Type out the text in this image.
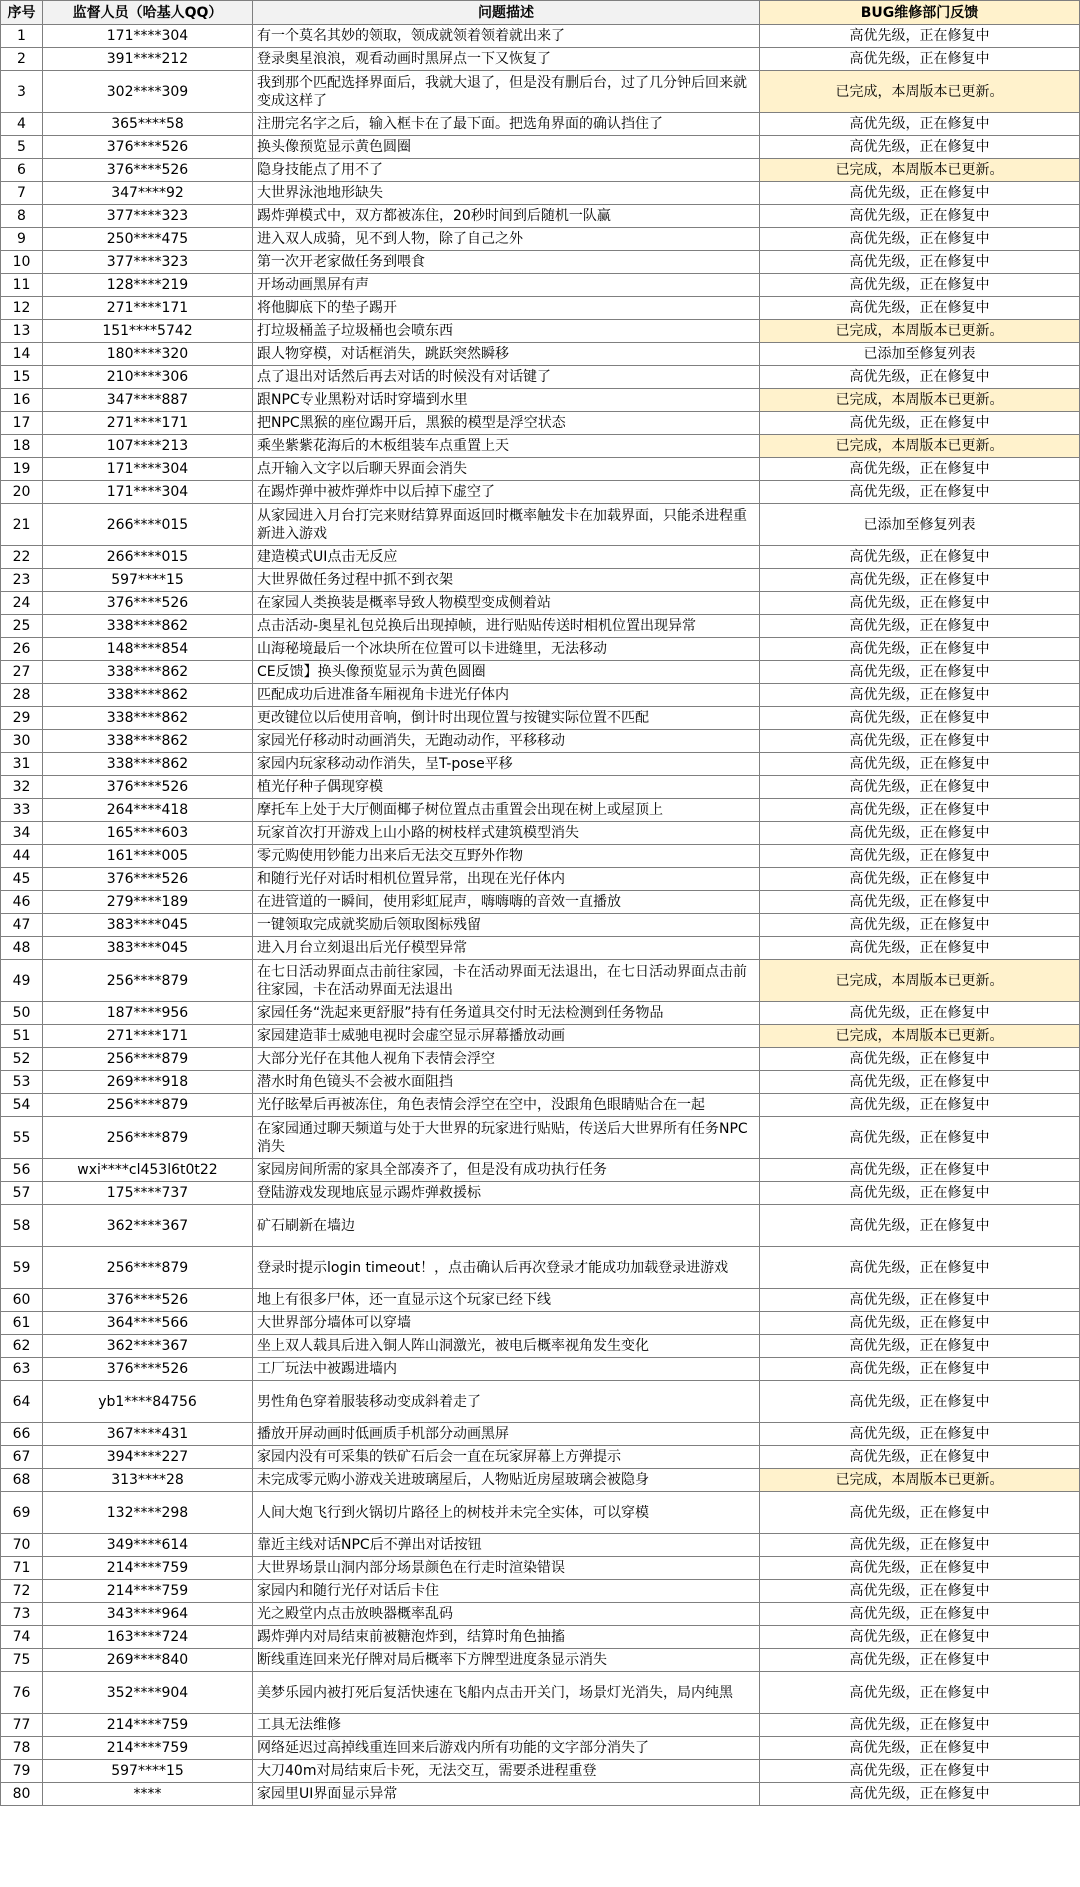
序号	监督人员（哈基人QQ）	问题描述	BUG维修部门反馈
1	171****304	有一个莫名其妙的领取，领成就领着领着就出来了	高优先级，正在修复中
2	391****212	登录奥星浪浪，观看动画时黑屏点一下又恢复了	高优先级，正在修复中
3	302****309	我到那个匹配选择界面后，我就大退了，但是没有删后台，过了几分钟后回来就变成这样了	已完成，本周版本已更新。
4	365****58	注册完名字之后，输入框卡在了最下面。把选角界面的确认挡住了	高优先级，正在修复中
5	376****526	换头像预览显示黄色圆圈	高优先级，正在修复中
6	376****526	隐身技能点了用不了	已完成，本周版本已更新。
7	347****92	大世界泳池地形缺失	高优先级，正在修复中
8	377****323	踢炸弹模式中，双方都被冻住，20秒时间到后随机一队赢	高优先级，正在修复中
9	250****475	进入双人成骑，见不到人物，除了自己之外	高优先级，正在修复中
10	377****323	第一次开老家做任务到喂食	高优先级，正在修复中
11	128****219	开场动画黑屏有声	高优先级，正在修复中
12	271****171	将他脚底下的垫子踢开	高优先级，正在修复中
13	151****5742	打垃圾桶盖子垃圾桶也会喷东西	已完成，本周版本已更新。
14	180****320	跟人物穿模，对话框消失，跳跃突然瞬移	已添加至修复列表
15	210****306	点了退出对话然后再去对话的时候没有对话键了	高优先级，正在修复中
16	347****887	跟NPC专业黑粉对话时穿墙到水里	已完成，本周版本已更新。
17	271****171	把NPC黑猴的座位踢开后，黑猴的模型是浮空状态	高优先级，正在修复中
18	107****213	乘坐紫紫花海后的木板组装车点重置上天	已完成，本周版本已更新。
19	171****304	点开输入文字以后聊天界面会消失	高优先级，正在修复中
20	171****304	在踢炸弹中被炸弹炸中以后掉下虚空了	高优先级，正在修复中
21	266****015	从家园进入月台打完来财结算界面返回时概率触发卡在加载界面，只能杀进程重新进入游戏	已添加至修复列表
22	266****015	建造模式UI点击无反应	高优先级，正在修复中
23	597****15	大世界做任务过程中抓不到衣架	高优先级，正在修复中
24	376****526	在家园人类换装是概率导致人物模型变成侧着站	高优先级，正在修复中
25	338****862	点击活动-奥星礼包兑换后出现掉帧，进行贴贴传送时相机位置出现异常	高优先级，正在修复中
26	148****854	山海秘境最后一个冰块所在位置可以卡进缝里，无法移动	高优先级，正在修复中
27	338****862	CE反馈】换头像预览显示为黄色圆圈	高优先级，正在修复中
28	338****862	匹配成功后进准备车厢视角卡进光仔体内	高优先级，正在修复中
29	338****862	更改键位以后使用音响，倒计时出现位置与按键实际位置不匹配	高优先级，正在修复中
30	338****862	家园光仔移动时动画消失，无跑动动作，平移移动	高优先级，正在修复中
31	338****862	家园内玩家移动动作消失，呈T-pose平移	高优先级，正在修复中
32	376****526	植光仔种子偶现穿模	高优先级，正在修复中
33	264****418	摩托车上处于大厅侧面椰子树位置点击重置会出现在树上或屋顶上	高优先级，正在修复中
34	165****603	玩家首次打开游戏上山小路的树枝样式建筑模型消失	高优先级，正在修复中
44	161****005	零元购使用钞能力出来后无法交互野外作物	高优先级，正在修复中
45	376****526	和随行光仔对话时相机位置异常，出现在光仔体内	高优先级，正在修复中
46	279****189	在进管道的一瞬间，使用彩虹屁声，嗨嗨嗨的音效一直播放	高优先级，正在修复中
47	383****045	一键领取完成就奖励后领取图标残留	高优先级，正在修复中
48	383****045	进入月台立刻退出后光仔模型异常	高优先级，正在修复中
49	256****879	在七日活动界面点击前往家园，卡在活动界面无法退出，在七日活动界面点击前往家园，卡在活动界面无法退出	已完成，本周版本已更新。
50	187****956	家园任务“洗起来更舒服”持有任务道具交付时无法检测到任务物品	高优先级，正在修复中
51	271****171	家园建造菲士威驰电视时会虚空显示屏幕播放动画	已完成，本周版本已更新。
52	256****879	大部分光仔在其他人视角下表情会浮空	高优先级，正在修复中
53	269****918	潜水时角色镜头不会被水面阻挡	高优先级，正在修复中
54	256****879	光仔眩晕后再被冻住，角色表情会浮空在空中，没跟角色眼睛贴合在一起	高优先级，正在修复中
55	256****879	在家园通过聊天频道与处于大世界的玩家进行贴贴，传送后大世界所有任务NPC消失	高优先级，正在修复中
56	wxi****cl453l6t0t22	家园房间所需的家具全部凑齐了，但是没有成功执行任务	高优先级，正在修复中
57	175****737	登陆游戏发现地底显示踢炸弹救援标	高优先级，正在修复中
58	362****367	矿石刷新在墙边	高优先级，正在修复中
59	256****879	登录时提示login timeout！，点击确认后再次登录才能成功加载登录进游戏	高优先级，正在修复中
60	376****526	地上有很多尸体，还一直显示这个玩家已经下线	高优先级，正在修复中
61	364****566	大世界部分墙体可以穿墙	高优先级，正在修复中
62	362****367	坐上双人载具后进入铜人阵山洞激光，被电后概率视角发生变化	高优先级，正在修复中
63	376****526	工厂玩法中被踢进墙内	高优先级，正在修复中
64	yb1****84756	男性角色穿着服装移动变成斜着走了	高优先级，正在修复中
66	367****431	播放开屏动画时低画质手机部分动画黑屏	高优先级，正在修复中
67	394****227	家园内没有可采集的铁矿石后会一直在玩家屏幕上方弹提示	高优先级，正在修复中
68	313****28	未完成零元购小游戏关进玻璃屋后，人物贴近房屋玻璃会被隐身	已完成，本周版本已更新。
69	132****298	人间大炮飞行到火锅切片路径上的树枝并未完全实体，可以穿模	高优先级，正在修复中
70	349****614	靠近主线对话NPC后不弹出对话按钮	高优先级，正在修复中
71	214****759	大世界场景山洞内部分场景颜色在行走时渲染错误	高优先级，正在修复中
72	214****759	家园内和随行光仔对话后卡住	高优先级，正在修复中
73	343****964	光之殿堂内点击放映器概率乱码	高优先级，正在修复中
74	163****724	踢炸弹内对局结束前被糖泡炸到，结算时角色抽搐	高优先级，正在修复中
75	269****840	断线重连回来光仔牌对局后概率下方牌型进度条显示消失	高优先级，正在修复中
76	352****904	美梦乐园内被打死后复活快速在飞船内点击开关门，场景灯光消失，局内纯黑	高优先级，正在修复中
77	214****759	工具无法维修	高优先级，正在修复中
78	214****759	网络延迟过高掉线重连回来后游戏内所有功能的文字部分消失了	高优先级，正在修复中
79	597****15	大刀40m对局结束后卡死，无法交互，需要杀进程重登	高优先级，正在修复中
80	****	家园里UI界面显示异常	高优先级，正在修复中
